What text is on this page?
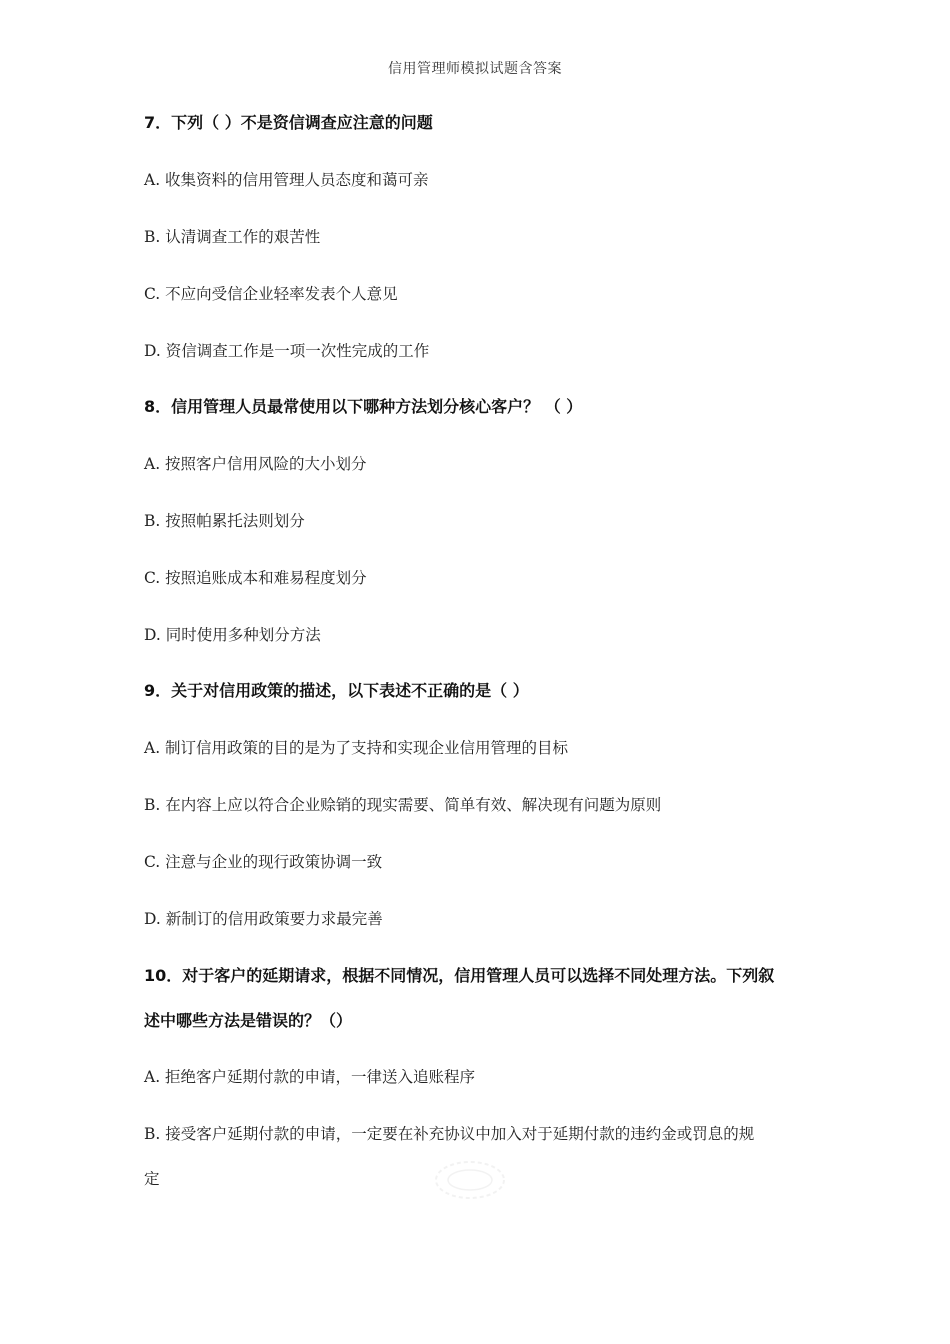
信用管理师模拟试题含答案
7．下列（ ）不是资信调查应注意的问题
A. 收集资料的信用管理人员态度和蔼可亲
B. 认清调查工作的艰苦性
C. 不应向受信企业轻率发表个人意见
D. 资信调查工作是一项一次性完成的工作
8．信用管理人员最常使用以下哪种方法划分核心客户？ （ ）
A. 按照客户信用风险的大小划分
B. 按照帕累托法则划分
C. 按照追账成本和难易程度划分
D. 同时使用多种划分方法
9．关于对信用政策的描述，以下表述不正确的是（ ）
A. 制订信用政策的目的是为了支持和实现企业信用管理的目标
B. 在内容上应以符合企业赊销的现实需要、简单有效、解决现有问题为原则
C. 注意与企业的现行政策协调一致
D. 新制订的信用政策要力求最完善
10．对于客户的延期请求，根据不同情况，信用管理人员可以选择不同处理方法。下列叙
述中哪些方法是错误的？（）
A. 拒绝客户延期付款的申请，一律送入追账程序
B. 接受客户延期付款的申请，一定要在补充协议中加入对于延期付款的违约金或罚息的规
定
